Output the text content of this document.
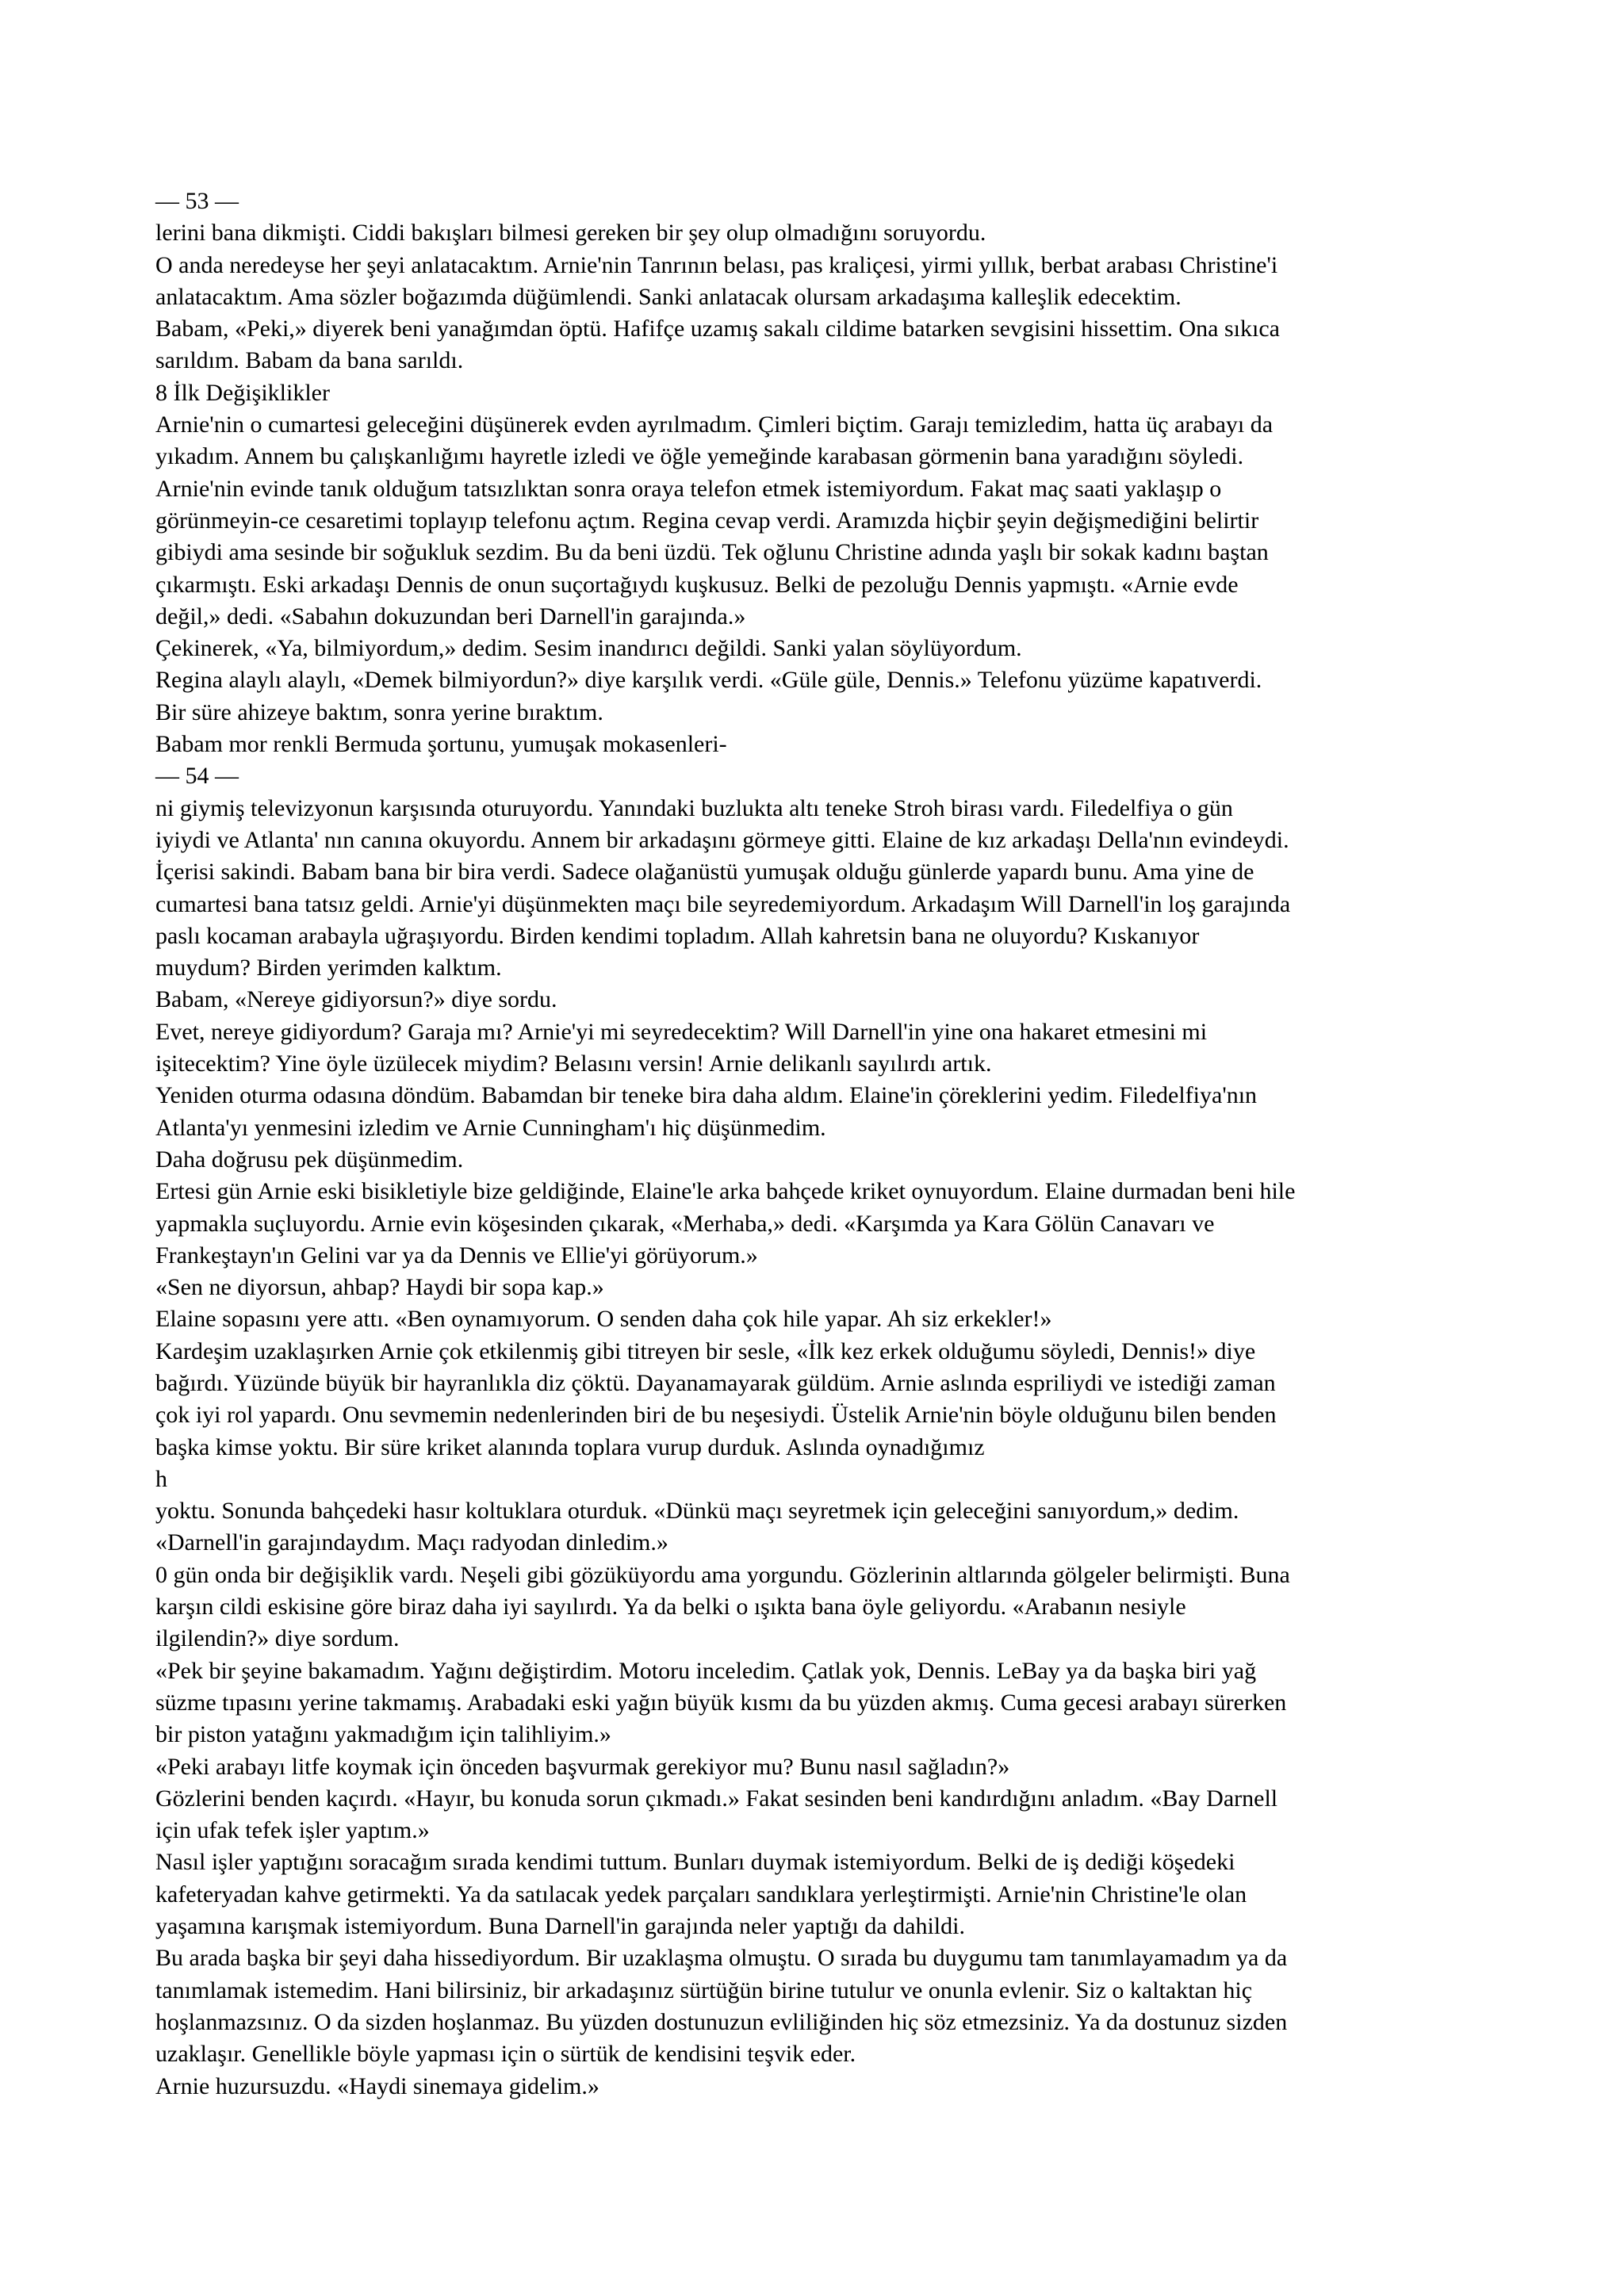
— 53 —
lerini bana dikmişti. Ciddi bakışları bilmesi gereken bir şey olup olmadığını soruyordu.
O anda neredeyse her şeyi anlatacaktım. Arnie'nin Tanrının belası, pas kraliçesi, yirmi yıllık, berbat arabası Christine'i
anlatacaktım. Ama sözler boğazımda düğümlendi. Sanki anlatacak olursam arkadaşıma kalleşlik edecektim.
Babam, «Peki,» diyerek beni yanağımdan öptü. Hafifçe uzamış sakalı cildime batarken sevgisini hissettim. Ona sıkıca
sarıldım. Babam da bana sarıldı.
8 İlk Değişiklikler
Arnie'nin o cumartesi geleceğini düşünerek evden ayrılmadım. Çimleri biçtim. Garajı temizledim, hatta üç arabayı da
yıkadım. Annem bu çalışkanlığımı hayretle izledi ve öğle yemeğinde karabasan görmenin bana yaradığını söyledi.
Arnie'nin evinde tanık olduğum tatsızlıktan sonra oraya telefon etmek istemiyordum. Fakat maç saati yaklaşıp o
görünmeyin-ce cesaretimi toplayıp telefonu açtım. Regina cevap verdi. Aramızda hiçbir şeyin değişmediğini belirtir
gibiydi ama sesinde bir soğukluk sezdim. Bu da beni üzdü. Tek oğlunu Christine adında yaşlı bir sokak kadını baştan
çıkarmıştı. Eski arkadaşı Dennis de onun suçortağıydı kuşkusuz. Belki de pezoluğu Dennis yapmıştı. «Arnie evde
değil,» dedi. «Sabahın dokuzundan beri Darnell'in garajında.»
Çekinerek, «Ya, bilmiyordum,» dedim. Sesim inandırıcı değildi. Sanki yalan söylüyordum.
Regina alaylı alaylı, «Demek bilmiyordun?» diye karşılık verdi. «Güle güle, Dennis.» Telefonu yüzüme kapatıverdi.
Bir süre ahizeye baktım, sonra yerine bıraktım.
Babam mor renkli Bermuda şortunu, yumuşak mokasenleri-
— 54 —
ni giymiş televizyonun karşısında oturuyordu. Yanındaki buzlukta altı teneke Stroh birası vardı. Filedelfiya o gün
iyiydi ve Atlanta' nın canına okuyordu. Annem bir arkadaşını görmeye gitti. Elaine de kız arkadaşı Della'nın evindeydi.
İçerisi sakindi. Babam bana bir bira verdi. Sadece olağanüstü yumuşak olduğu günlerde yapardı bunu. Ama yine de
cumartesi bana tatsız geldi. Arnie'yi düşünmekten maçı bile seyredemiyordum. Arkadaşım Will Darnell'in loş garajında
paslı kocaman arabayla uğraşıyordu. Birden kendimi topladım. Allah kahretsin bana ne oluyordu? Kıskanıyor
muydum? Birden yerimden kalktım.
Babam, «Nereye gidiyorsun?» diye sordu.
Evet, nereye gidiyordum? Garaja mı? Arnie'yi mi seyredecektim? Will Darnell'in yine ona hakaret etmesini mi
işitecektim? Yine öyle üzülecek miydim? Belasını versin! Arnie delikanlı sayılırdı artık.
Yeniden oturma odasına döndüm. Babamdan bir teneke bira daha aldım. Elaine'in çöreklerini yedim. Filedelfiya'nın
Atlanta'yı yenmesini izledim ve Arnie Cunningham'ı hiç düşünmedim.
Daha doğrusu pek düşünmedim.
Ertesi gün Arnie eski bisikletiyle bize geldiğinde, Elaine'le arka bahçede kriket oynuyordum. Elaine durmadan beni hile
yapmakla suçluyordu. Arnie evin köşesinden çıkarak, «Merhaba,» dedi. «Karşımda ya Kara Gölün Canavarı ve
Frankeştayn'ın Gelini var ya da Dennis ve Ellie'yi görüyorum.»
«Sen ne diyorsun, ahbap? Haydi bir sopa kap.»
Elaine sopasını yere attı. «Ben oynamıyorum. O senden daha çok hile yapar. Ah siz erkekler!»
Kardeşim uzaklaşırken Arnie çok etkilenmiş gibi titreyen bir sesle, «İlk kez erkek olduğumu söyledi, Dennis!» diye
bağırdı. Yüzünde büyük bir hayranlıkla diz çöktü. Dayanamayarak güldüm. Arnie aslında espriliydi ve istediği zaman
çok iyi rol yapardı. Onu sevmemin nedenlerinden biri de bu neşesiydi. Üstelik Arnie'nin böyle olduğunu bilen benden
başka kimse yoktu. Bir süre kriket alanında toplara vurup durduk. Aslında oynadığımız
h
yoktu. Sonunda bahçedeki hasır koltuklara oturduk. «Dünkü maçı seyretmek için geleceğini sanıyordum,» dedim.
«Darnell'in garajındaydım. Maçı radyodan dinledim.»
0 gün onda bir değişiklik vardı. Neşeli gibi gözüküyordu ama yorgundu. Gözlerinin altlarında gölgeler belirmişti. Buna
karşın cildi eskisine göre biraz daha iyi sayılırdı. Ya da belki o ışıkta bana öyle geliyordu. «Arabanın nesiyle
ilgilendin?» diye sordum.
«Pek bir şeyine bakamadım. Yağını değiştirdim. Motoru inceledim. Çatlak yok, Dennis. LeBay ya da başka biri yağ
süzme tıpasını yerine takmamış. Arabadaki eski yağın büyük kısmı da bu yüzden akmış. Cuma gecesi arabayı sürerken
bir piston yatağını yakmadığım için talihliyim.»
«Peki arabayı litfe koymak için önceden başvurmak gerekiyor mu? Bunu nasıl sağladın?»
Gözlerini benden kaçırdı. «Hayır, bu konuda sorun çıkmadı.» Fakat sesinden beni kandırdığını anladım. «Bay Darnell
için ufak tefek işler yaptım.»
Nasıl işler yaptığını soracağım sırada kendimi tuttum. Bunları duymak istemiyordum. Belki de iş dediği köşedeki
kafeteryadan kahve getirmekti. Ya da satılacak yedek parçaları sandıklara yerleştirmişti. Arnie'nin Christine'le olan
yaşamına karışmak istemiyordum. Buna Darnell'in garajında neler yaptığı da dahildi.
Bu arada başka bir şeyi daha hissediyordum. Bir uzaklaşma olmuştu. O sırada bu duygumu tam tanımlayamadım ya da
tanımlamak istemedim. Hani bilirsiniz, bir arkadaşınız sürtüğün birine tutulur ve onunla evlenir. Siz o kaltaktan hiç
hoşlanmazsınız. O da sizden hoşlanmaz. Bu yüzden dostunuzun evliliğinden hiç söz etmezsiniz. Ya da dostunuz sizden
uzaklaşır. Genellikle böyle yapması için o sürtük de kendisini teşvik eder.
Arnie huzursuzdu. «Haydi sinemaya gidelim.»
